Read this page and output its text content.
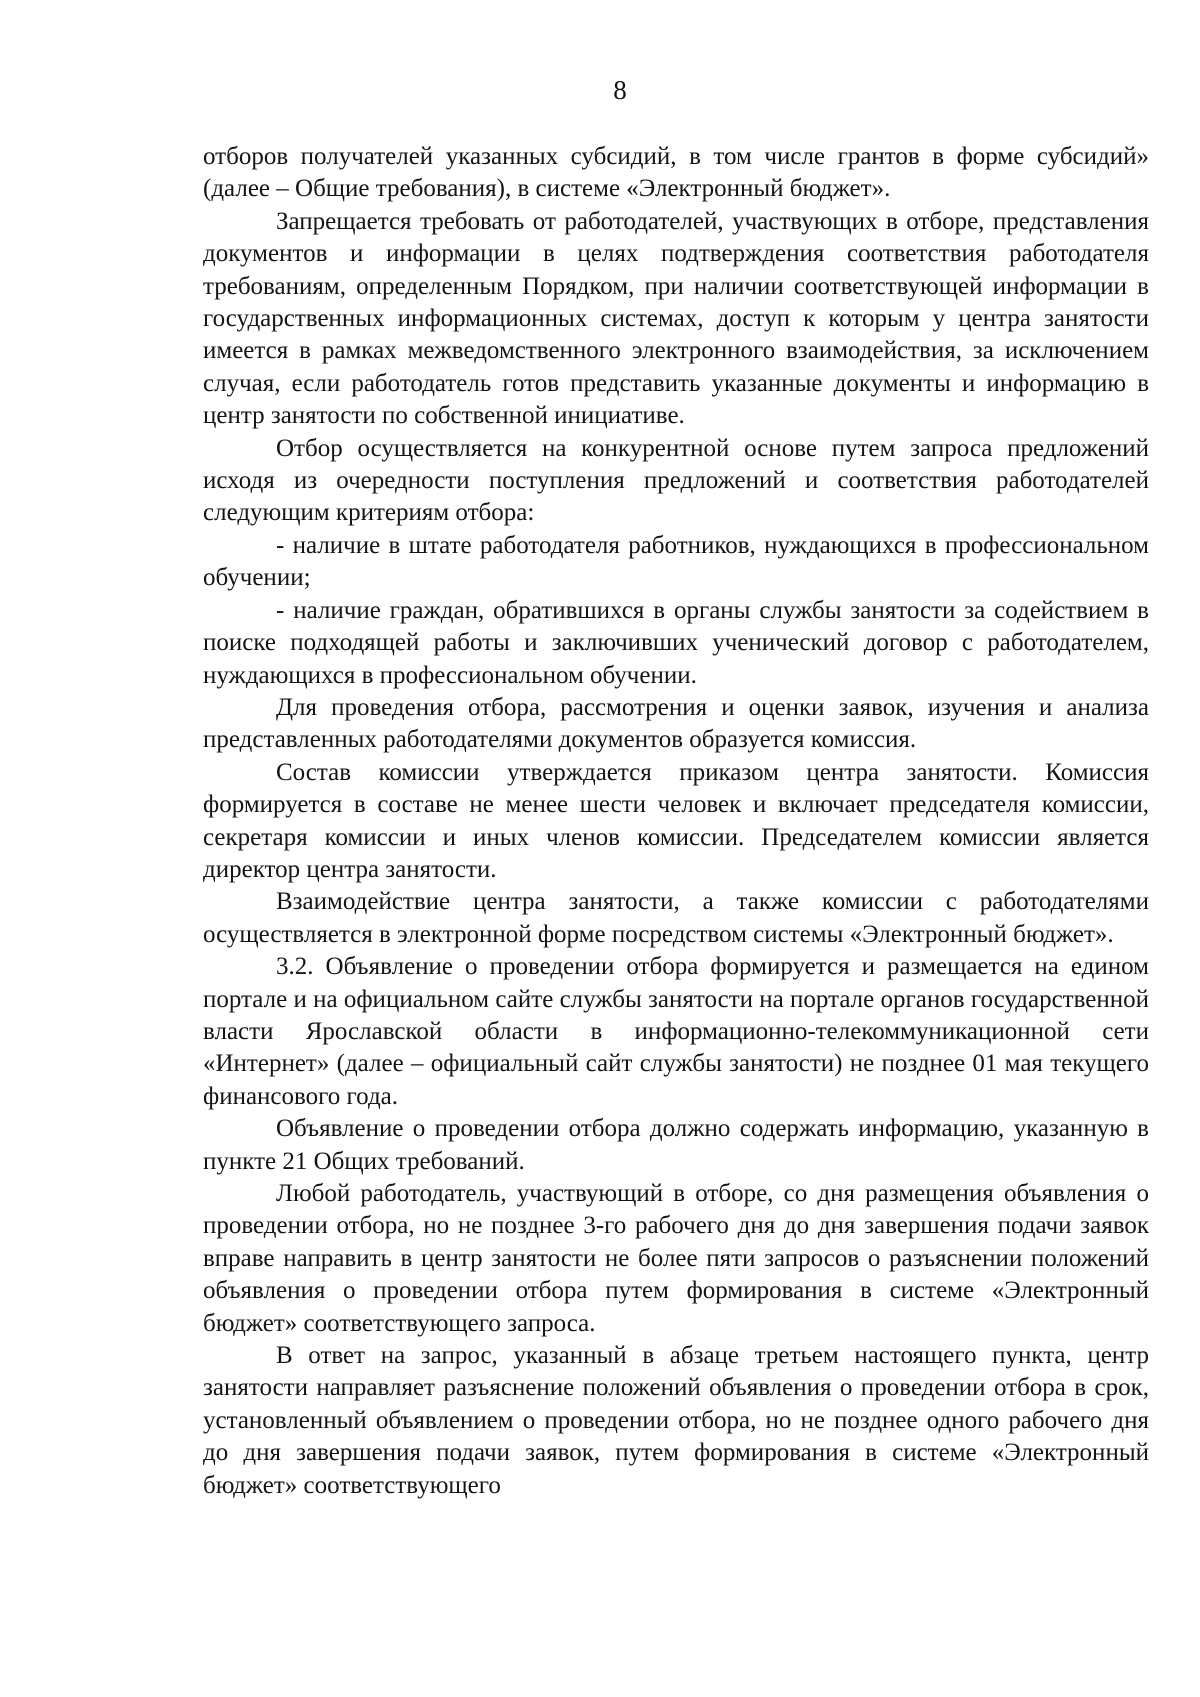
8

отборов получателей указанных субсидий, в том числе грантов в форме субсидий» (далее – Общие требования), в системе «Электронный бюджет».

Запрещается требовать от работодателей, участвующих в отборе, представления документов и информации в целях подтверждения соответствия работодателя требованиям, определенным Порядком, при наличии соответствующей информации в государственных информационных системах, доступ к которым у центра занятости имеется в рамках межведомственного электронного взаимодействия, за исключением случая, если работодатель готов представить указанные документы и информацию в центр занятости по собственной инициативе.

Отбор осуществляется на конкурентной основе путем запроса предложений исходя из очередности поступления предложений и соответствия работодателей следующим критериям отбора:

- наличие в штате работодателя работников, нуждающихся в профессиональном обучении;

- наличие граждан, обратившихся в органы службы занятости за содействием в поиске подходящей работы и заключивших ученический договор с работодателем, нуждающихся в профессиональном обучении.

Для проведения отбора, рассмотрения и оценки заявок, изучения и анализа представленных работодателями документов образуется комиссия.

Состав комиссии утверждается приказом центра занятости. Комиссия формируется в составе не менее шести человек и включает председателя комиссии, секретаря комиссии и иных членов комиссии. Председателем комиссии является директор центра занятости.

Взаимодействие центра занятости, а также комиссии с работодателями осуществляется в электронной форме посредством системы «Электронный бюджет».

3.2. Объявление о проведении отбора формируется и размещается на едином портале и на официальном сайте службы занятости на портале органов государственной власти Ярославской области в информационно-телекоммуникационной сети «Интернет» (далее – официальный сайт службы занятости) не позднее 01 мая текущего финансового года.

Объявление о проведении отбора должно содержать информацию, указанную в пункте 21 Общих требований.

Любой работодатель, участвующий в отборе, со дня размещения объявления о проведении отбора, но не позднее 3-го рабочего дня до дня завершения подачи заявок вправе направить в центр занятости не более пяти запросов о разъяснении положений объявления о проведении отбора путем формирования в системе «Электронный бюджет» соответствующего запроса.

В ответ на запрос, указанный в абзаце третьем настоящего пункта, центр занятости направляет разъяснение положений объявления о проведении отбора в срок, установленный объявлением о проведении отбора, но не позднее одного рабочего дня до дня завершения подачи заявок, путем формирования в системе «Электронный бюджет» соответствующего
